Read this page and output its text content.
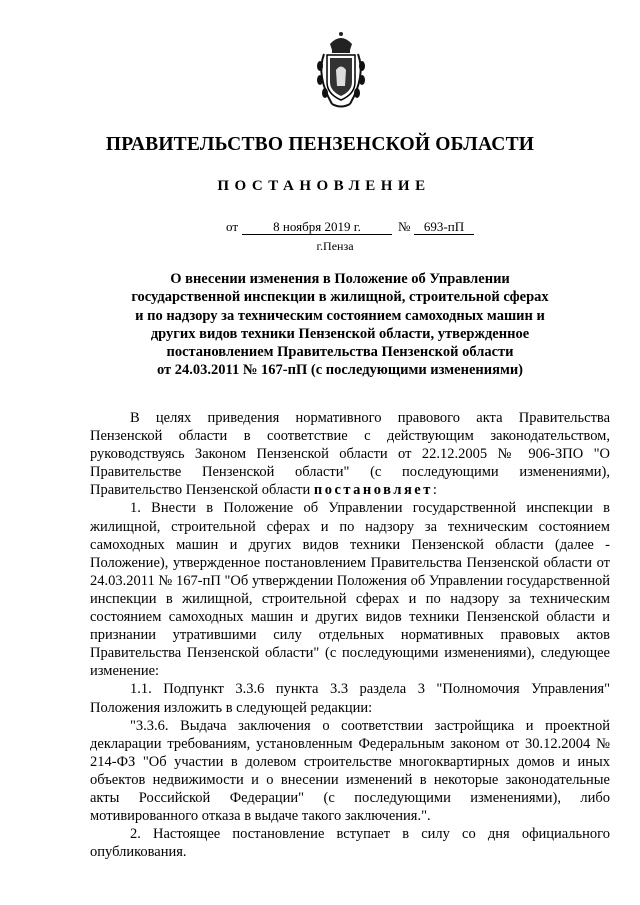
ПРАВИТЕЛЬСТВО ПЕНЗЕНСКОЙ ОБЛАСТИ
ПОСТАНОВЛЕНИЕ
от	8 ноября 2019 г.	№	693-пП
г.Пенза
О внесении изменения в Положение об Управлении
государственной инспекции в жилищной, строительной сферах
и по надзору за техническим состоянием самоходных машин и
других видов техники Пензенской области, утвержденное
постановлением Правительства Пензенской области
от 24.03.2011 № 167-пП (с последующими изменениями)

В целях приведения нормативного правового акта Правительства Пензенской области в соответствие с действующим законодательством, руководствуясь Законом Пензенской области от 22.12.2005 № 906-ЗПО "О Правительстве Пензенской области" (с последующими изменениями), Правительство Пензенской области постановляет:

1. Внести в Положение об Управлении государственной инспекции в жилищной, строительной сферах и по надзору за техническим состоянием самоходных машин и других видов техники Пензенской области (далее - Положение), утвержденное постановлением Правительства Пензенской области от 24.03.2011 № 167-пП "Об утверждении Положения об Управлении государственной инспекции в жилищной, строительной сферах и по надзору за техническим состоянием самоходных машин и других видов техники Пензенской области и признании утратившими силу отдельных нормативных правовых актов Правительства Пензенской области" (с последующими изменениями), следующее изменение:

1.1. Подпункт 3.3.6 пункта 3.3 раздела 3 "Полномочия Управления" Положения изложить в следующей редакции:

"3.3.6. Выдача заключения о соответствии застройщика и проектной декларации требованиям, установленным Федеральным законом от 30.12.2004 № 214-ФЗ "Об участии в долевом строительстве многоквартирных домов и иных объектов недвижимости и о внесении изменений в некоторые законодательные акты Российской Федерации" (с последующими изменениями), либо мотивированного отказа в выдаче такого заключения.".

2. Настоящее постановление вступает в силу со дня официального опубликования.
